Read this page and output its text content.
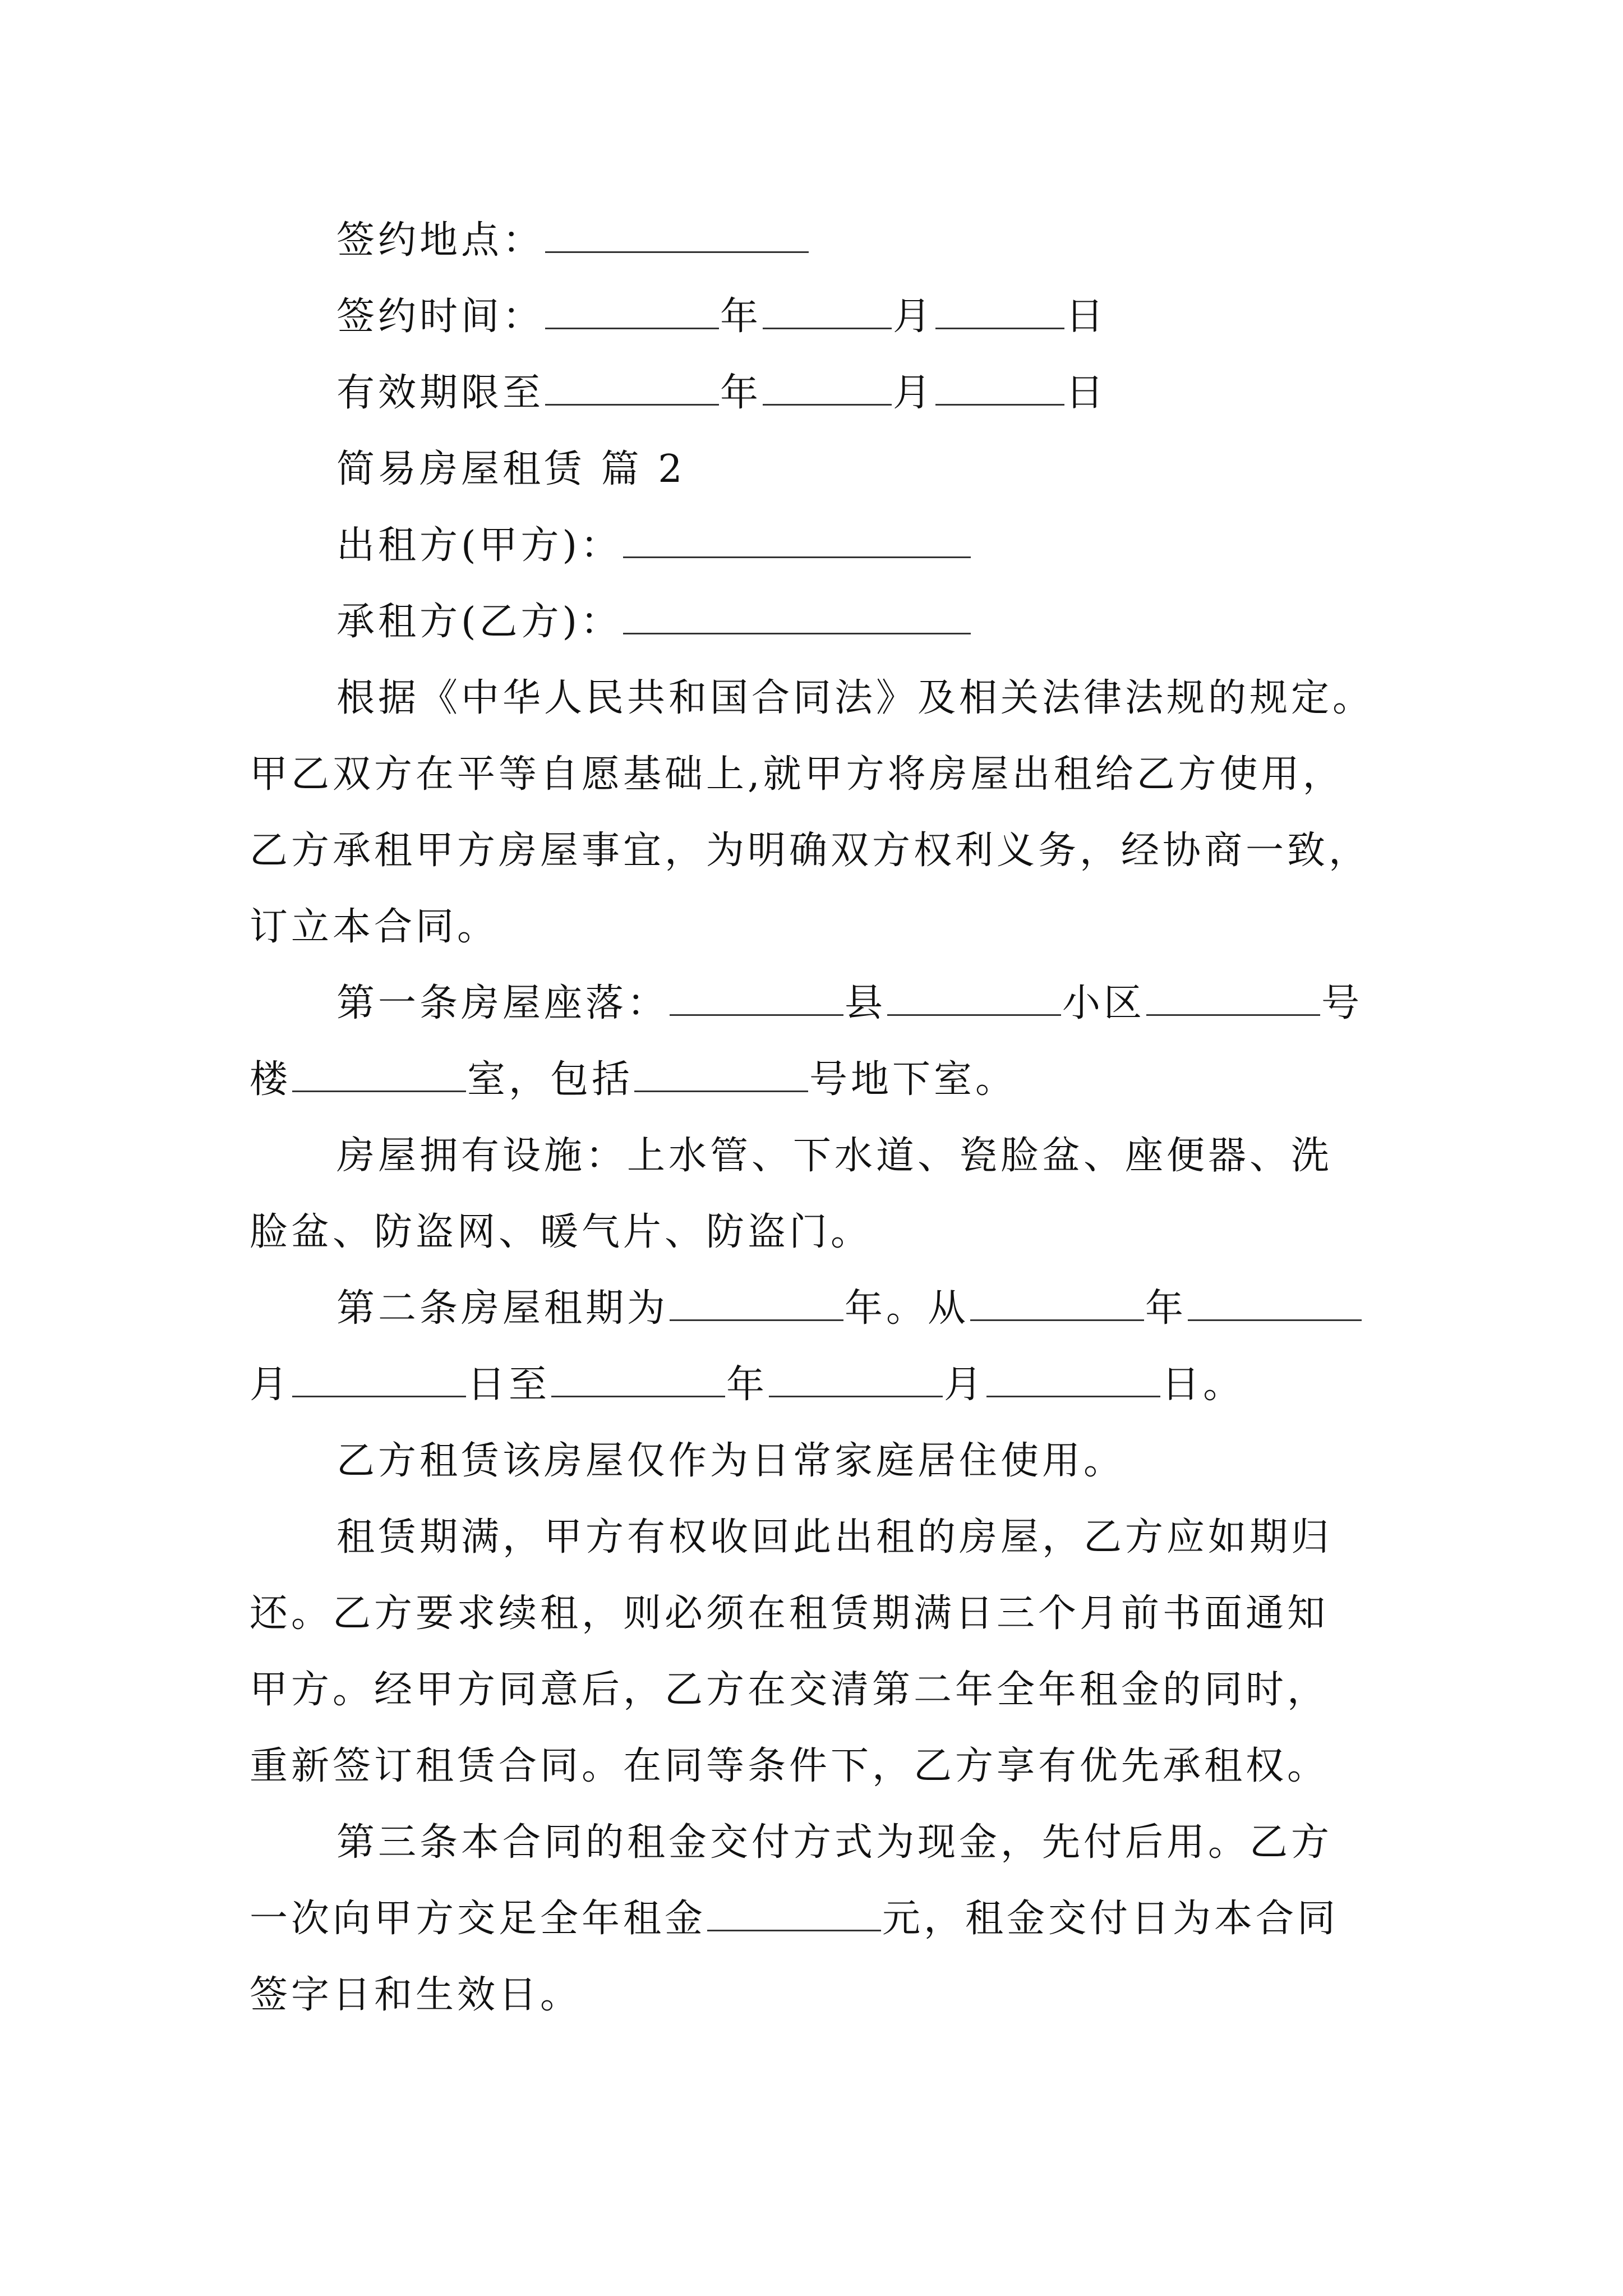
签约地点：
签约时间：	年	月	日
有效期限至	年	月	日
简易房屋租赁 篇 2
出租方(甲方)：
承租方(乙方)：
根据《中华人民共和国合同法》及相关法律法规的规定。
甲乙双方在平等自愿基础上,就甲方将房屋出租给乙方使用，
乙方承租甲方房屋事宜，为明确双方权利义务，经协商一致，
订立本合同。
第一条房屋座落：	县	小区	号
楼	室，包括	号地下室。
房屋拥有设施：上水管、下水道、瓷脸盆、座便器、洗
脸盆、防盗网、暖气片、防盗门。
第二条房屋租期为	年。从	年
月	日至	年	月	日。
乙方租赁该房屋仅作为日常家庭居住使用。
租赁期满，甲方有权收回此出租的房屋，乙方应如期归
还。乙方要求续租，则必须在租赁期满日三个月前书面通知
甲方。经甲方同意后，乙方在交清第二年全年租金的同时，
重新签订租赁合同。在同等条件下，乙方享有优先承租权。
第三条本合同的租金交付方式为现金，先付后用。乙方
一次向甲方交足全年租金	元，租金交付日为本合同
签字日和生效日。
